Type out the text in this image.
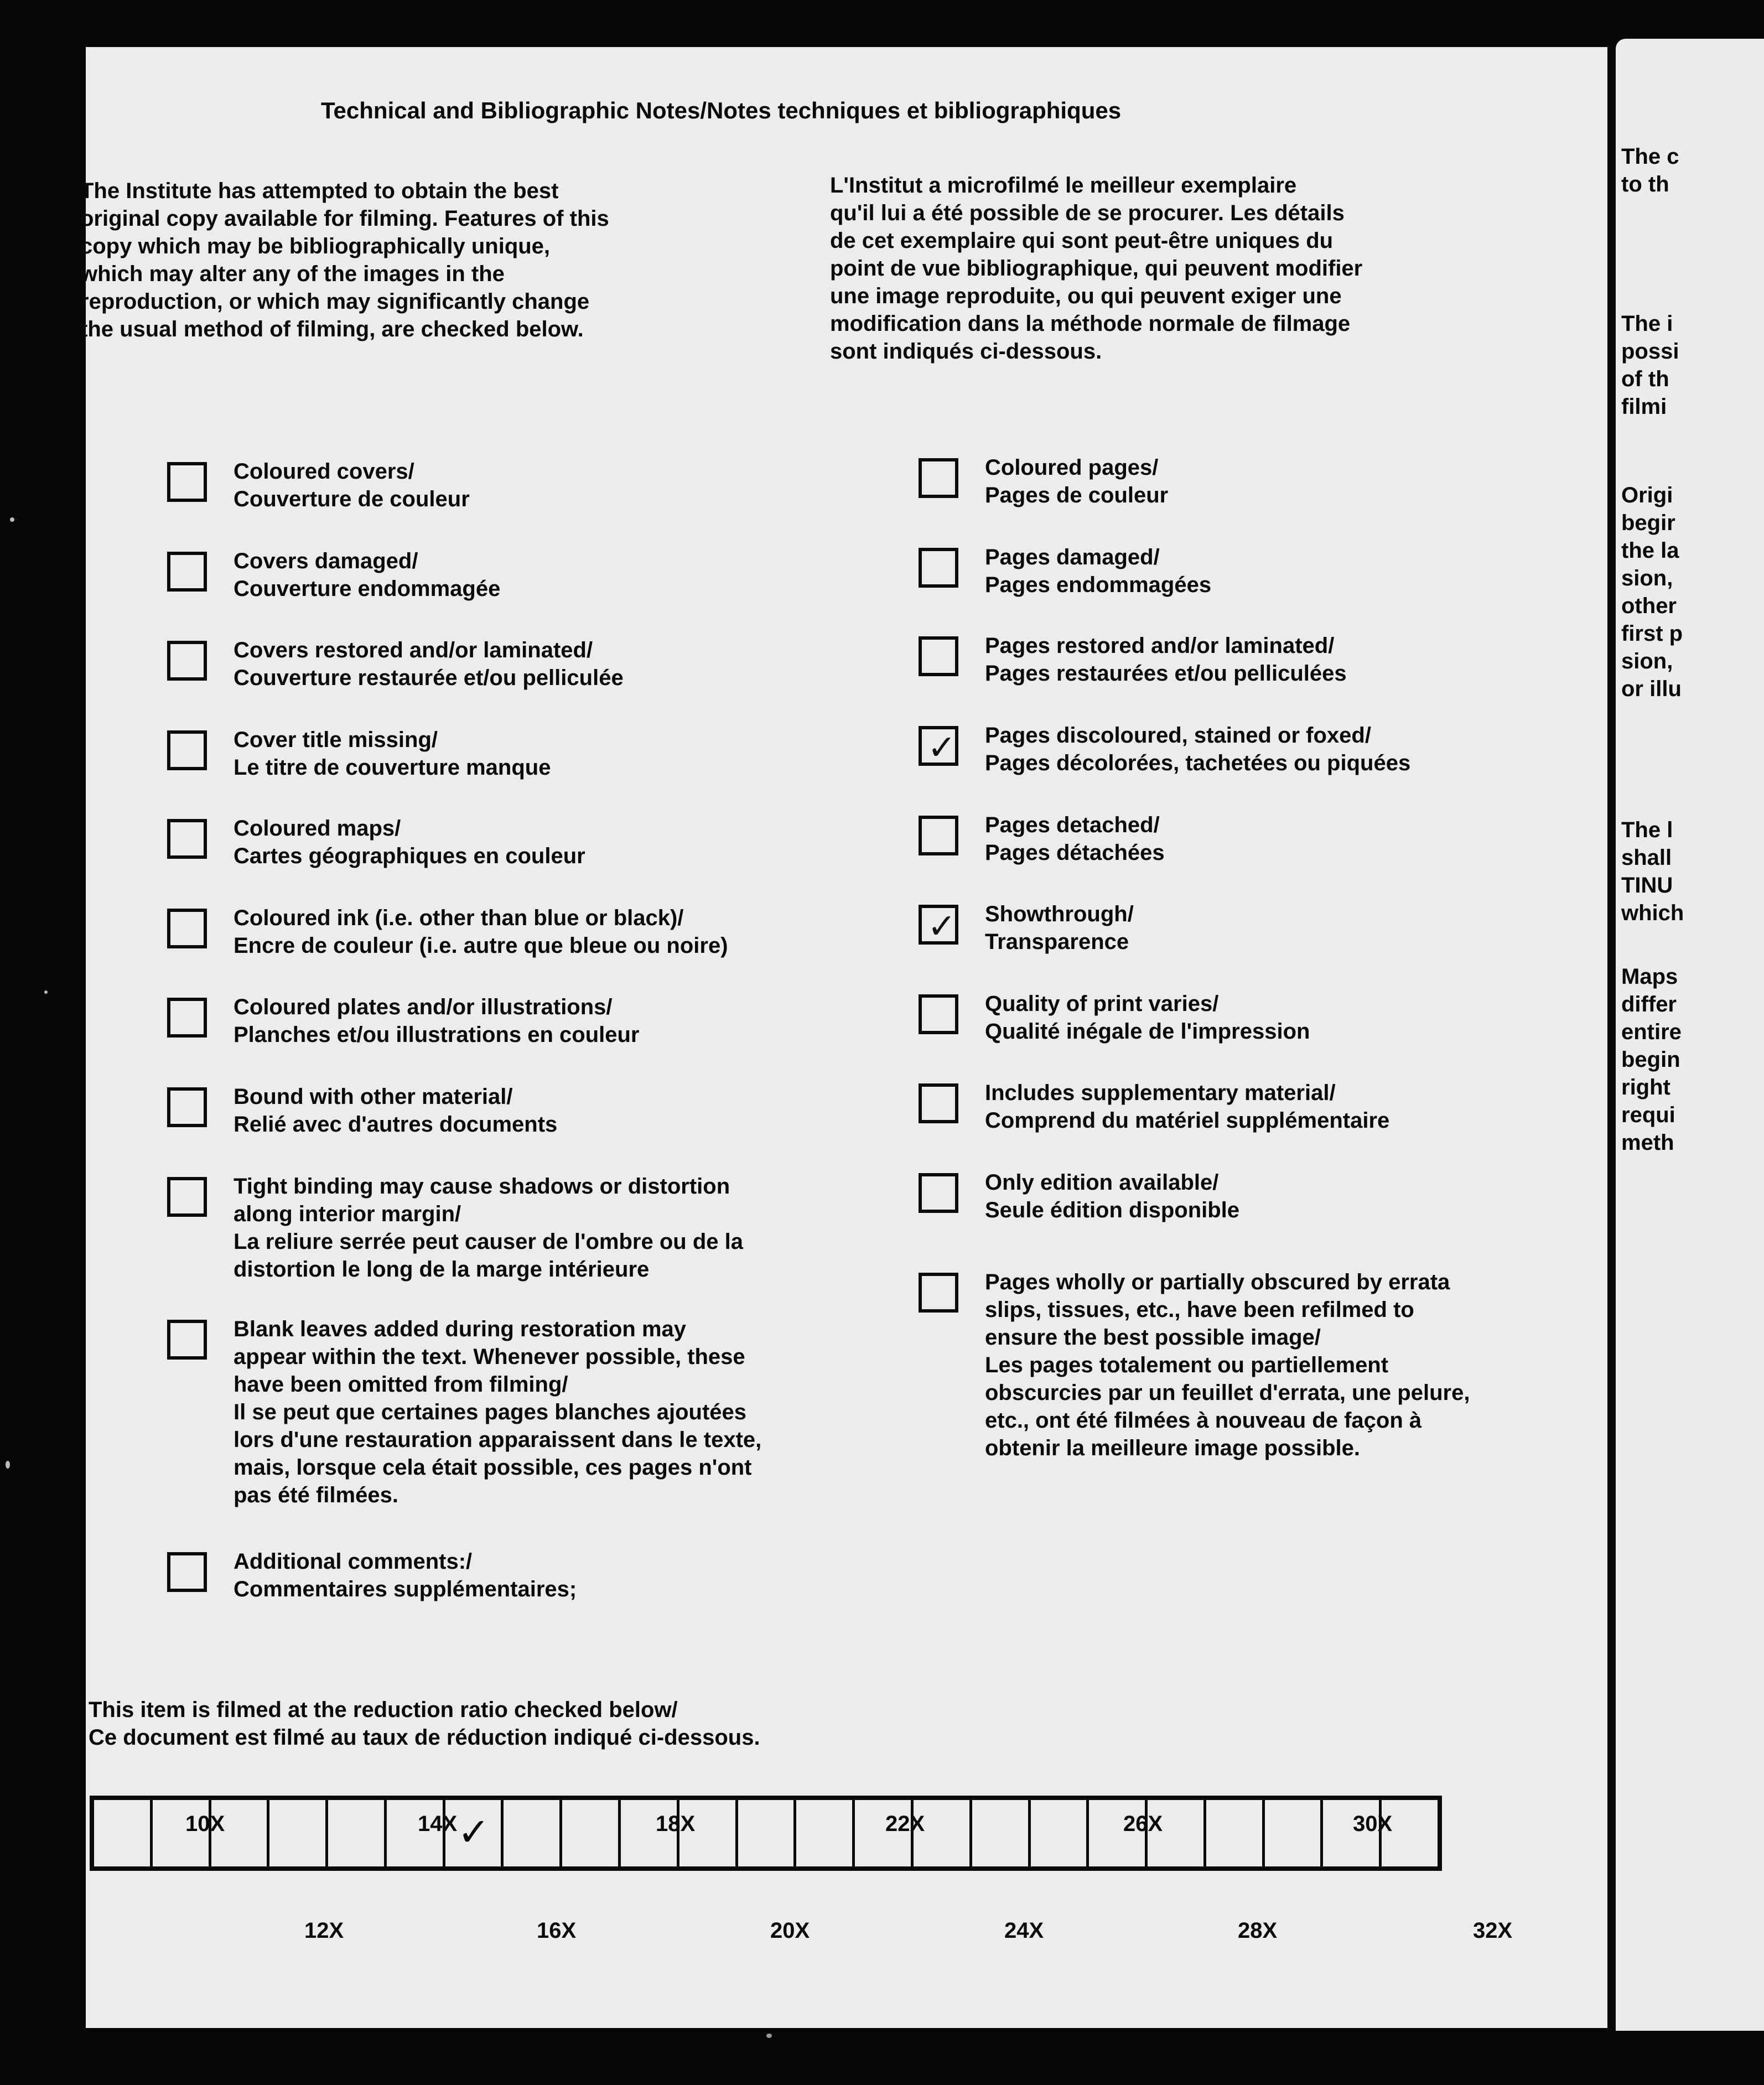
Technical and Bibliographic Notes/Notes techniques et bibliographiques
The Institute has attempted to obtain the best
original copy available for filming. Features of this
copy which may be bibliographically unique,
which may alter any of the images in the
reproduction, or which may significantly change
the usual method of filming, are checked below.
L'Institut a microfilmé le meilleur exemplaire
qu'il lui a été possible de se procurer. Les détails
de cet exemplaire qui sont peut-être uniques du
point de vue bibliographique, qui peuvent modifier
une image reproduite, ou qui peuvent exiger une
modification dans la méthode normale de filmage
sont indiqués ci-dessous.
Coloured covers/
Couverture de couleur
Covers damaged/
Couverture endommagée
Covers restored and/or laminated/
Couverture restaurée et/ou pelliculée
Cover title missing/
Le titre de couverture manque
Coloured maps/
Cartes géographiques en couleur
Coloured ink (i.e. other than blue or black)/
Encre de couleur (i.e. autre que bleue ou noire)
Coloured plates and/or illustrations/
Planches et/ou illustrations en couleur
Bound with other material/
Relié avec d'autres documents
Tight binding may cause shadows or distortion
along interior margin/
La reliure serrée peut causer de l'ombre ou de la
distortion le long de la marge intérieure
Blank leaves added during restoration may
appear within the text. Whenever possible, these
have been omitted from filming/
Il se peut que certaines pages blanches ajoutées
lors d'une restauration apparaissent dans le texte,
mais, lorsque cela était possible, ces pages n'ont
pas été filmées.
Additional comments:/
Commentaires supplémentaires;
Coloured pages/
Pages de couleur
Pages damaged/
Pages endommagées
Pages restored and/or laminated/
Pages restaurées et/ou pelliculées
✓ Pages discoloured, stained or foxed/
Pages décolorées, tachetées ou piquées
Pages detached/
Pages détachées
✓ Showthrough/
Transparence
Quality of print varies/
Qualité inégale de l'impression
Includes supplementary material/
Comprend du matériel supplémentaire
Only edition available/
Seule édition disponible
Pages wholly or partially obscured by errata
slips, tissues, etc., have been refilmed to
ensure the best possible image/
Les pages totalement ou partiellement
obscurcies par un feuillet d'errata, une pelure,
etc., ont été filmées à nouveau de façon à
obtenir la meilleure image possible.
This item is filmed at the reduction ratio checked below/
Ce document est filmé au taux de réduction indiqué ci-dessous.
10X	14X	18X	22X	26X	30X
✓
12X	16X	20X	24X	28X	32X
The c
to th
The i
possi
of th
filmi
Origi
begir
the la
sion,
other
first p
sion,
or illu
The l
shall
TINU
which
Maps
differ
entire
begin
right
requi
meth
